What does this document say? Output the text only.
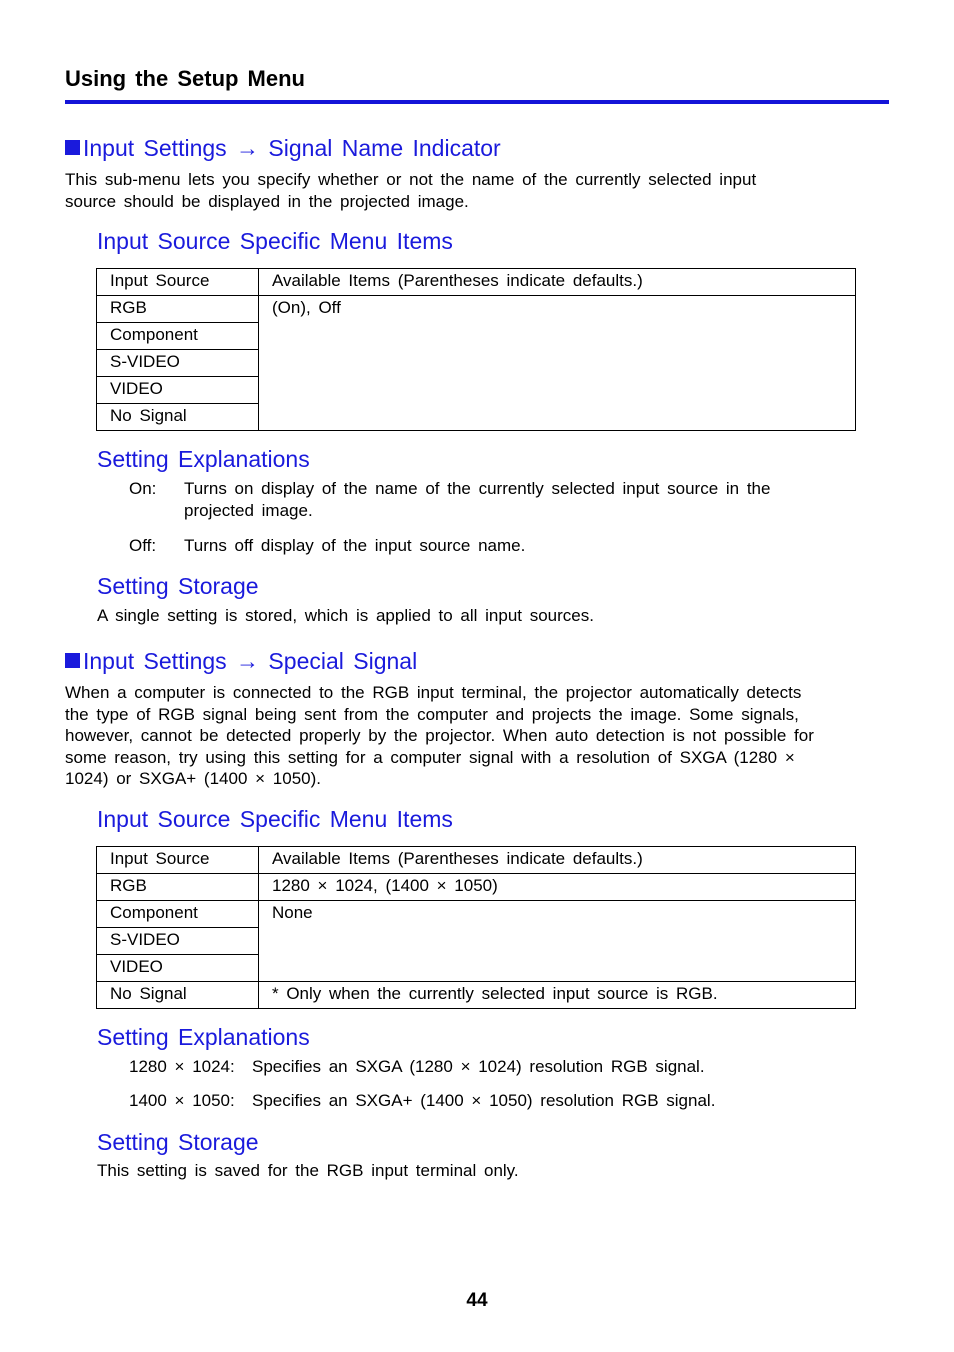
Using the Setup Menu
Input Settings → Signal Name Indicator
This sub-menu lets you specify whether or not the name of the currently selected input
source should be displayed in the projected image.
Input Source Specific Menu Items
Input Source	Available Items (Parentheses indicate defaults.)
RGB	(On), Off
Component	
S-VIDEO	
VIDEO	
No Signal	
Setting Explanations
On: Turns on display of the name of the currently selected input source in the
projected image.
Off: Turns off display of the input source name.
Setting Storage
A single setting is stored, which is applied to all input sources.
Input Settings → Special Signal
When a computer is connected to the RGB input terminal, the projector automatically detects
the type of RGB signal being sent from the computer and projects the image. Some signals,
however, cannot be detected properly by the projector. When auto detection is not possible for
some reason, try using this setting for a computer signal with a resolution of SXGA (1280 ×
1024) or SXGA+ (1400 × 1050).
Input Source Specific Menu Items
Input Source	Available Items (Parentheses indicate defaults.)
RGB	1280 × 1024, (1400 × 1050)
Component	None
S-VIDEO	
VIDEO	
No Signal	* Only when the currently selected input source is RGB.
Setting Explanations
1280 × 1024: Specifies an SXGA (1280 × 1024) resolution RGB signal.
1400 × 1050: Specifies an SXGA+ (1400 × 1050) resolution RGB signal.
Setting Storage
This setting is saved for the RGB input terminal only.
44
